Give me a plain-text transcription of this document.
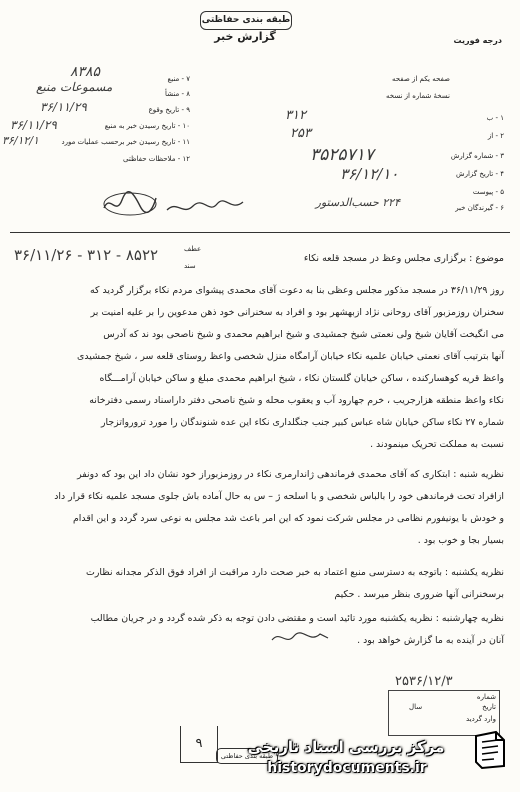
طبقه بندی حفاظتی
گزارش خبر	درجه فوریت
صفحه یکم از صفحه
نسخهٔ شماره از نسخه
۱ - ب
۳۱۲
۲ - از
۲۵۳
۳ - شماره گزارش
۳۵۲۵۷۱۷
۴ - تاریخ گزارش
۳۶/۱۲/۱۰
۵ - پیوست
۶ - گیرندگان خبر
۲۲۴ حسب‌الدستور
۷ - منبع
۸۳۸۵
۸ - منشأ
مسموعات منبع
۹ - تاریخ وقوع
۳۶/۱۱/۲۹
۱۰ - تاریخ رسیدن خبر به منبع
۳۶/۱۱/۲۹
۱۱ - تاریخ رسیدن خبر برحسب عملیات مورد
۳۶/۱۲/۱
۱۲ - ملاحظات حفاظتی
۳۶/۱۱/۲۶ - ۳۱۲ - ۸۵۲۲	عطف
سند
موضوع : برگزاری مجلس وعظ در مسجد قلعه نکاء
روز ۳۶/۱۱/۲۹ در مسجد مذکور مجلس وعظی بنا به دعوت آقای محمدی پیشوای مردم نکاء برگزار گردید که
سخنران روزمزبور آقای روحانی نژاد ازبهشهر بود و افراد به سخنرانی خود ذهن مدعوین را بر علیه امنیت بر
می انگیخت آقایان شیخ ولی نعمتی شیخ جمشیدی و شیخ ابراهیم محمدی و شیخ ناصحی بود ند که آدرس
آنها بترتیب آقای نعمتی خیابان علمیه نکاء خیابان آرامگاه منزل شخصی واعظ روستای قلعه سر ، شیخ جمشیدی
واعظ قریه کوهسارکنده ، ساکن خیابان گلستان نکاء ، شیخ ابراهیم محمدی مبلغ و ساکن خیابان آرامـــگاه
نکاء واعظ منطقه هزارجریب ، خرم جهارود آب و یعقوب محله و شیخ ناصحی دفتر داراسناد رسمی دفترخانه
شماره ۲۷ نکاء ساکن خیابان شاه عباس کبیر جنب جنگلداری نکاء این عده شنوندگان را مورد ترورواتزجار
نسبت به مملکت تحریک مینمودند .
نظریه شنبه : ابتکاری که آقای محمدی فرماندهی ژاندارمری نکاء در روزمزبوراز خود نشان داد این بود که دونفر
ازافراد تحت فرماندهی خود را بالباس شخصی و با اسلحه ژ – س به حال آماده باش جلوی مسجد علمیه نکاء قرار داد
و خودش با یونیفورم نظامی در مجلس شرکت نمود که این امر باعث شد مجلس به نوعی سرد گردد و این اقدام
بسیار بجا و خوب بود .
نظریه یکشنبه : باتوجه به دسترسی منبع اعتماد به خبر صحت دارد مراقبت از افراد فوق الذکر مجدانه نظارت
برسخنرانی آنها ضروری بنظر میرسد . حکیم
نظریه چهارشنبه : نظریه یکشنبه مورد تائید است و مقتضی دادن توجه به ذکر شده گردد و در جریان مطالب
آنان در آینده به ما گزارش خواهد بود .
۲۵۳۶/۱۲/۳
شماره
تاریخ
سال
وارد گردید
۹
طبقه بندی حفاظتی
مرکز بررسی اسناد تاریخی
historydocuments.ir
